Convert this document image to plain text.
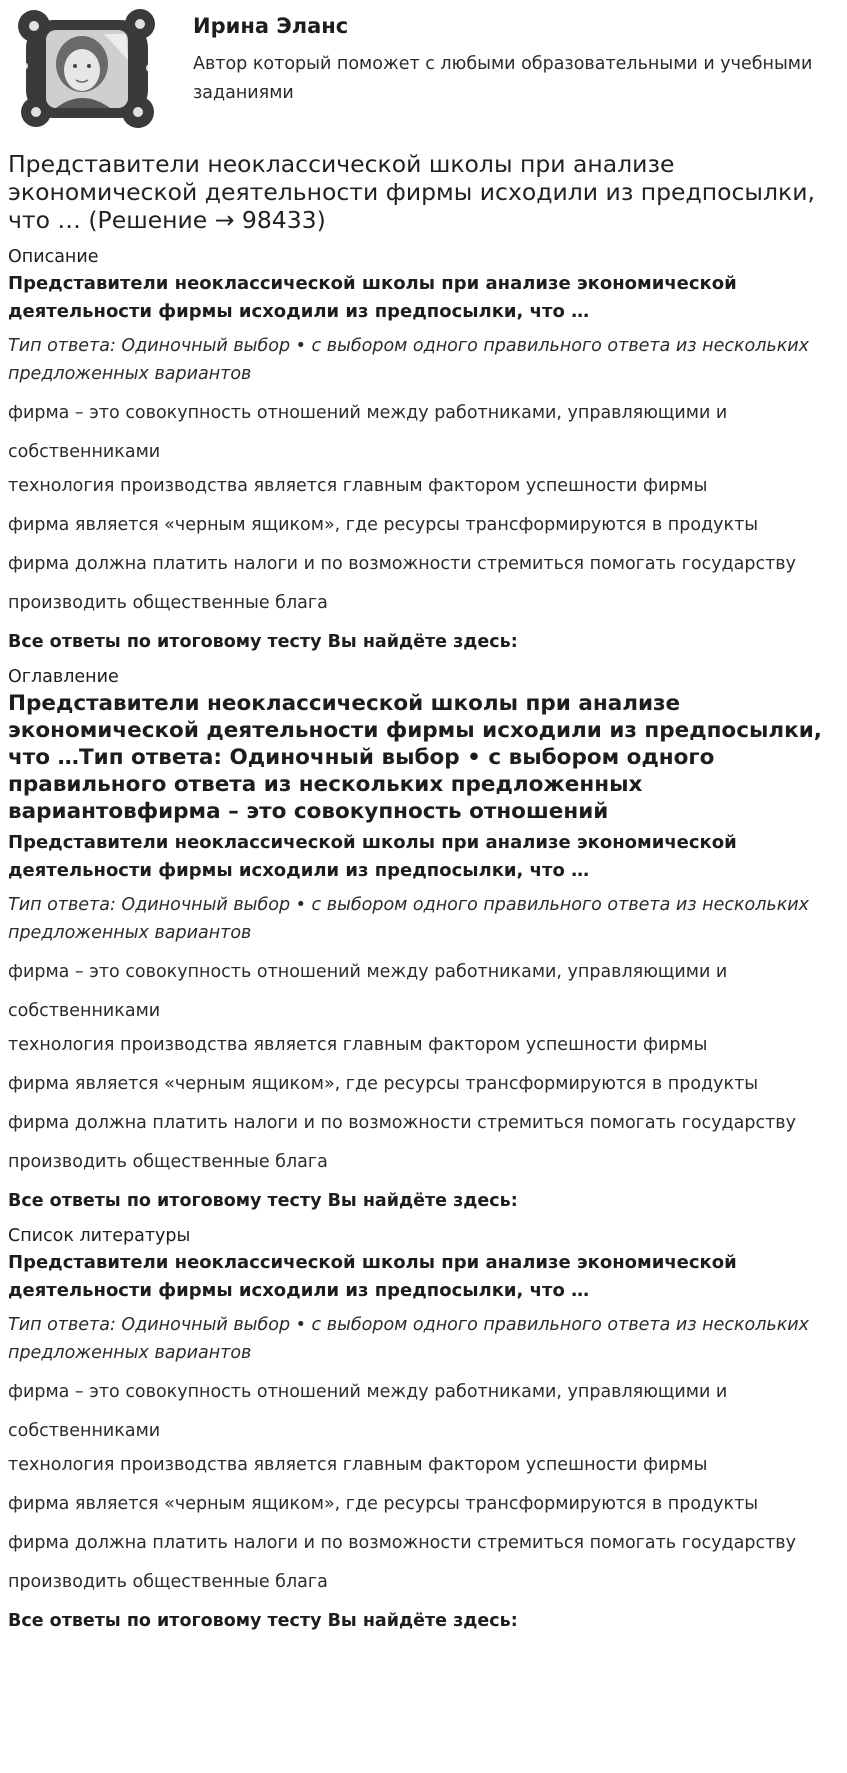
Ирина Эланс

Автор который поможет с любыми образовательными и учебными заданиями

Представители неоклассической школы при анализе экономической деятельности фирмы исходили из предпосылки, что … (Решение → 98433)
Описание
Представители неоклассической школы при анализе экономической деятельности фирмы исходили из предпосылки, что …
Тип ответа: Одиночный выбор • с выбором одного правильного ответа из нескольких предложенных вариантов
фирма – это совокупность отношений между работниками, управляющими и собственниками
технология производства является главным фактором успешности фирмы
фирма является «черным ящиком», где ресурсы трансформируются в продукты
фирма должна платить налоги и по возможности стремиться помогать государству
производить общественные блага
Все ответы по итоговому тесту Вы найдёте здесь:
Оглавление
Представители неоклассической школы при анализе экономической деятельности фирмы исходили из предпосылки, что …Тип ответа: Одиночный выбор • с выбором одного правильного ответа из нескольких предложенных вариантовфирма – это совокупность отношений
Представители неоклассической школы при анализе экономической деятельности фирмы исходили из предпосылки, что …
Тип ответа: Одиночный выбор • с выбором одного правильного ответа из нескольких предложенных вариантов
фирма – это совокупность отношений между работниками, управляющими и собственниками
технология производства является главным фактором успешности фирмы
фирма является «черным ящиком», где ресурсы трансформируются в продукты
фирма должна платить налоги и по возможности стремиться помогать государству
производить общественные блага
Все ответы по итоговому тесту Вы найдёте здесь:
Список литературы
Представители неоклассической школы при анализе экономической деятельности фирмы исходили из предпосылки, что …
Тип ответа: Одиночный выбор • с выбором одного правильного ответа из нескольких предложенных вариантов
фирма – это совокупность отношений между работниками, управляющими и собственниками
технология производства является главным фактором успешности фирмы
фирма является «черным ящиком», где ресурсы трансформируются в продукты
фирма должна платить налоги и по возможности стремиться помогать государству
производить общественные блага
Все ответы по итоговому тесту Вы найдёте здесь:
